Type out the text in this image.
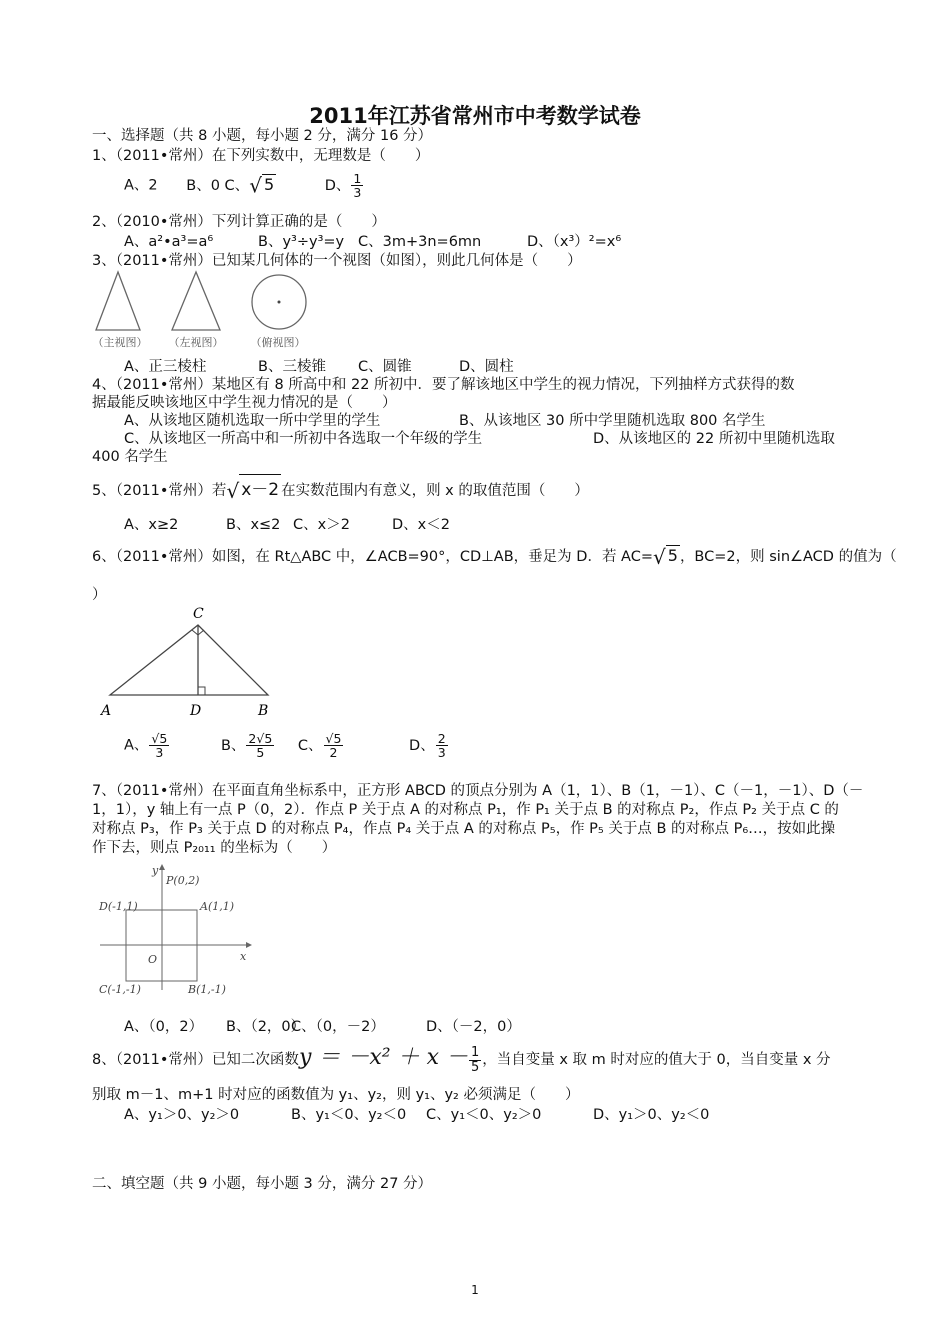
2011年江苏省常州市中考数学试卷
一、选择题（共 8 小题，每小题 2 分，满分 16 分）
1、（2011•常州）在下列实数中，无理数是（　　）
A、2 B、0 C、√ 5	D、 $\frac{1}{3}$
2、（2010•常州）下列计算正确的是（　　）
A、a²•a³=a⁶	B、y³÷y³=y C、3m+3n=6mn	D、（x³）²=x⁶
3、（2011•常州）已知某几何体的一个视图（如图），则此几何体是（　　）
（主视图） （左视图） （俯视图）
A、正三棱柱	B、三棱锥 C、圆锥	D、圆柱
4、（2011•常州）某地区有 8 所高中和 22 所初中．要了解该地区中学生的视力情况，下列抽样方式获得的数
据最能反映该地区中学生视力情况的是（　　）
A、从该地区随机选取一所中学里的学生	B、从该地区 30 所中学里随机选取 800 名学生
C、从该地区一所高中和一所初中各选取一个年级的学生	D、从该地区的 22 所初中里随机选取
400 名学生
5、（2011•常州）若√ x－2 在实数范围内有意义，则 x 的取值范围（　　）
A、x≥2	B、x≤2 C、x＞2	D、x＜2
6、（2011•常州）如图，在 Rt△ABC 中，∠ACB=90°，CD⊥AB，垂足为 D．若 AC=√ 5 ，BC=2，则 sin∠ACD 的值为（
）
C
A	D	B
A、 $\frac{√5}{3}$	B、 $\frac{2√5}{5}$ C、 $\frac{√5}{2}$	D、 $\frac{2}{3}$
7、（2011•常州）在平面直角坐标系中，正方形 ABCD 的顶点分别为 A（1，1）、B（1，－1）、C（－1，－1）、D（－
1，1），y 轴上有一点 P（0，2）．作点 P 关于点 A 的对称点 P₁，作 P₁ 关于点 B 的对称点 P₂，作点 P₂ 关于点 C 的
对称点 P₃，作 P₃ 关于点 D 的对称点 P₄，作点 P₄ 关于点 A 的对称点 P₅，作 P₅ 关于点 B 的对称点 P₆…，按如此操
作下去，则点 P₂₀₁₁ 的坐标为（　　）
y
x
P(0,2)
D(-1,1)	A(1,1)
O
C(-1,-1)	B(1,-1)
A、（0，2） B、（2，0）
C、（0，－2）	D、（－2，0）
8、（2011•常州）已知二次函数$y = -x^2 + x - \frac{1}{5}$ ，当自变量 x 取 m 时对应的值大于 0，当自变量 x 分
别取 m－1、m+1 时对应的函数值为 y₁、y₂，则 y₁、y₂ 必须满足（　　）
A、y₁＞0、y₂＞0	B、y₁＜0、y₂＜0 C、y₁＜0、y₂＞0	D、y₁＞0、y₂＜0
二、填空题（共 9 小题，每小题 3 分，满分 27 分）
1
